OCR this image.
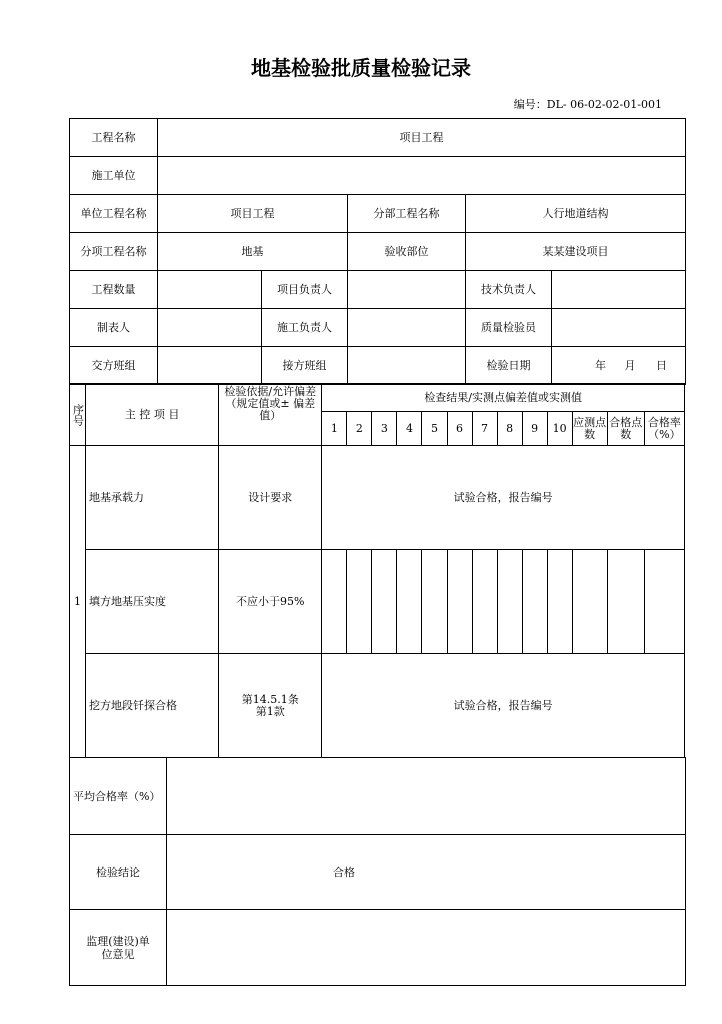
地基检验批质量检验记录
编号：DL- 06-02-02-01-001
工程名称	项目工程				
施工单位					
单位工程名称	项目工程		分部工程名称	人行地道结构	
分项工程名称	地基		验收部位	某某建设项目	
工程数量		项目负责人		技术负责人	
制表人		施工负责人		质量检验员	
交方班组		接方班组		检验日期	年 月 日
序号	主 控 项 目	检验依据/允许偏差（规定值或± 偏差值）	检查结果/实测点偏差值或实测值												
			1	2	3	4	5	6	7	8	9	10	应测点数	合格点数	合格率（%）
1	地基承载力	设计要求	试验合格，报告编号												
	填方地基压实度	不应小于95%													
	挖方地段钎探合格	第14.5.1条第1款	试验合格，报告编号												
平均合格率（%）	
检验结论	合格
监理(建设)单位意见	
